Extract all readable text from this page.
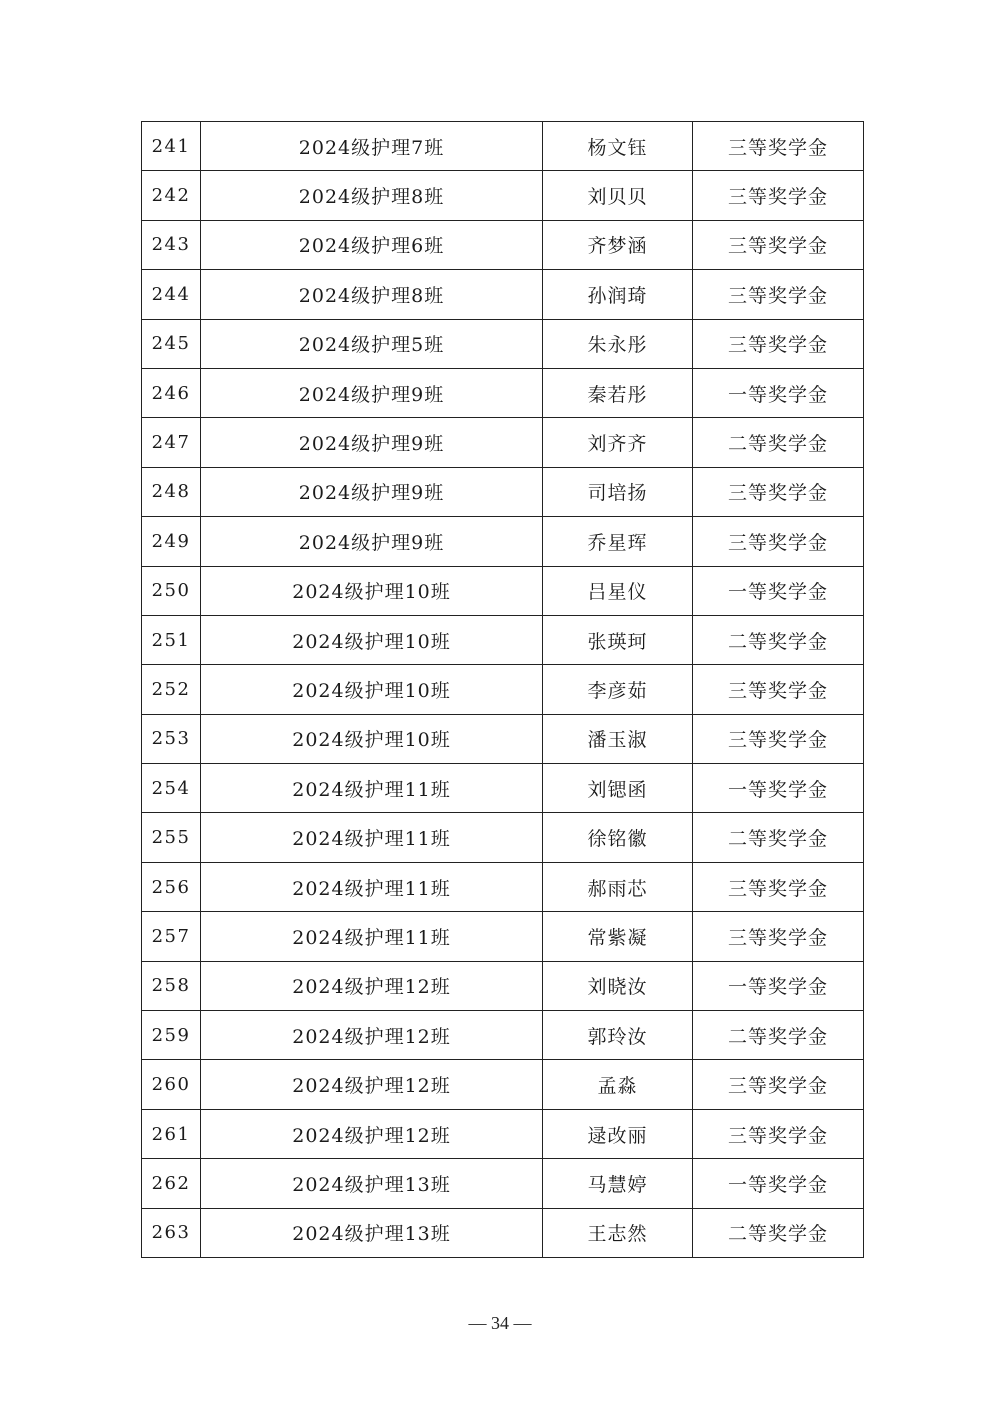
241	2024级护理7班	杨文钰	三等奖学金
242	2024级护理8班	刘贝贝	三等奖学金
243	2024级护理6班	齐梦涵	三等奖学金
244	2024级护理8班	孙润琦	三等奖学金
245	2024级护理5班	朱永彤	三等奖学金
246	2024级护理9班	秦若彤	一等奖学金
247	2024级护理9班	刘齐齐	二等奖学金
248	2024级护理9班	司培扬	三等奖学金
249	2024级护理9班	乔星珲	三等奖学金
250	2024级护理10班	吕星仪	一等奖学金
251	2024级护理10班	张瑛珂	二等奖学金
252	2024级护理10班	李彦茹	三等奖学金
253	2024级护理10班	潘玉淑	三等奖学金
254	2024级护理11班	刘锶函	一等奖学金
255	2024级护理11班	徐铭徽	二等奖学金
256	2024级护理11班	郝雨芯	三等奖学金
257	2024级护理11班	常紫凝	三等奖学金
258	2024级护理12班	刘晓汝	一等奖学金
259	2024级护理12班	郭玲汝	二等奖学金
260	2024级护理12班	孟淼	三等奖学金
261	2024级护理12班	逯改丽	三等奖学金
262	2024级护理13班	马慧婷	一等奖学金
263	2024级护理13班	王志然	二等奖学金
— 34 —
